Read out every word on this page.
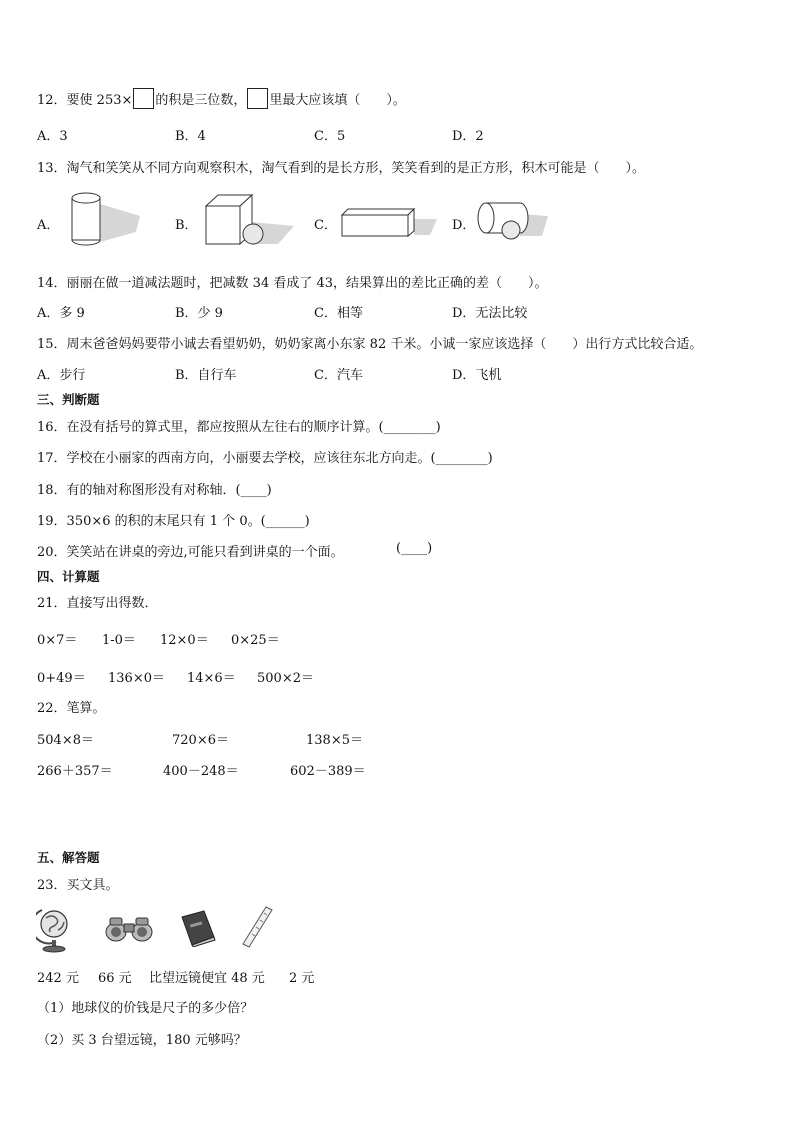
12．要使 253× 的积是三位数， 里最大应该填（　　）。
A．3	B．4	C．5	D．2
13．淘气和笑笑从不同方向观察积木，淘气看到的是长方形，笑笑看到的是正方形，积木可能是（　　）。
A．	B．	C．	D．
14．丽丽在做一道减法题时，把减数 34 看成了 43，结果算出的差比正确的差（　　）。
A．多 9	B．少 9	C．相等	D．无法比较
15．周末爸爸妈妈要带小诚去看望奶奶，奶奶家离小东家 82 千米。小诚一家应该选择（　　）出行方式比较合适。
A．步行	B．自行车	C．汽车	D．飞机
三、判断题
16．在没有括号的算式里，都应按照从左往右的顺序计算。(________)
17．学校在小丽家的西南方向，小丽要去学校，应该往东北方向走。(________)
18．有的轴对称图形没有对称轴．(____)
19．350×6 的积的末尾只有 1 个 0。(______)
20．笑笑站在讲桌的旁边,可能只看到讲桌的一个面。	(____)
四、计算题
21．直接写出得数．
0×7＝ 1-0＝ 12×0＝ 0×25＝
0+49＝ 136×0＝ 14×6＝ 500×2＝
22．笔算。
504×8＝	720×6＝	138×5＝
266＋357＝	400－248＝	602－389＝
五、解答题
23．买文具。
242 元 66 元 比望远镜便宜 48 元 2 元
（1）地球仪的价钱是尺子的多少倍？
（2）买 3 台望远镜，180 元够吗？
